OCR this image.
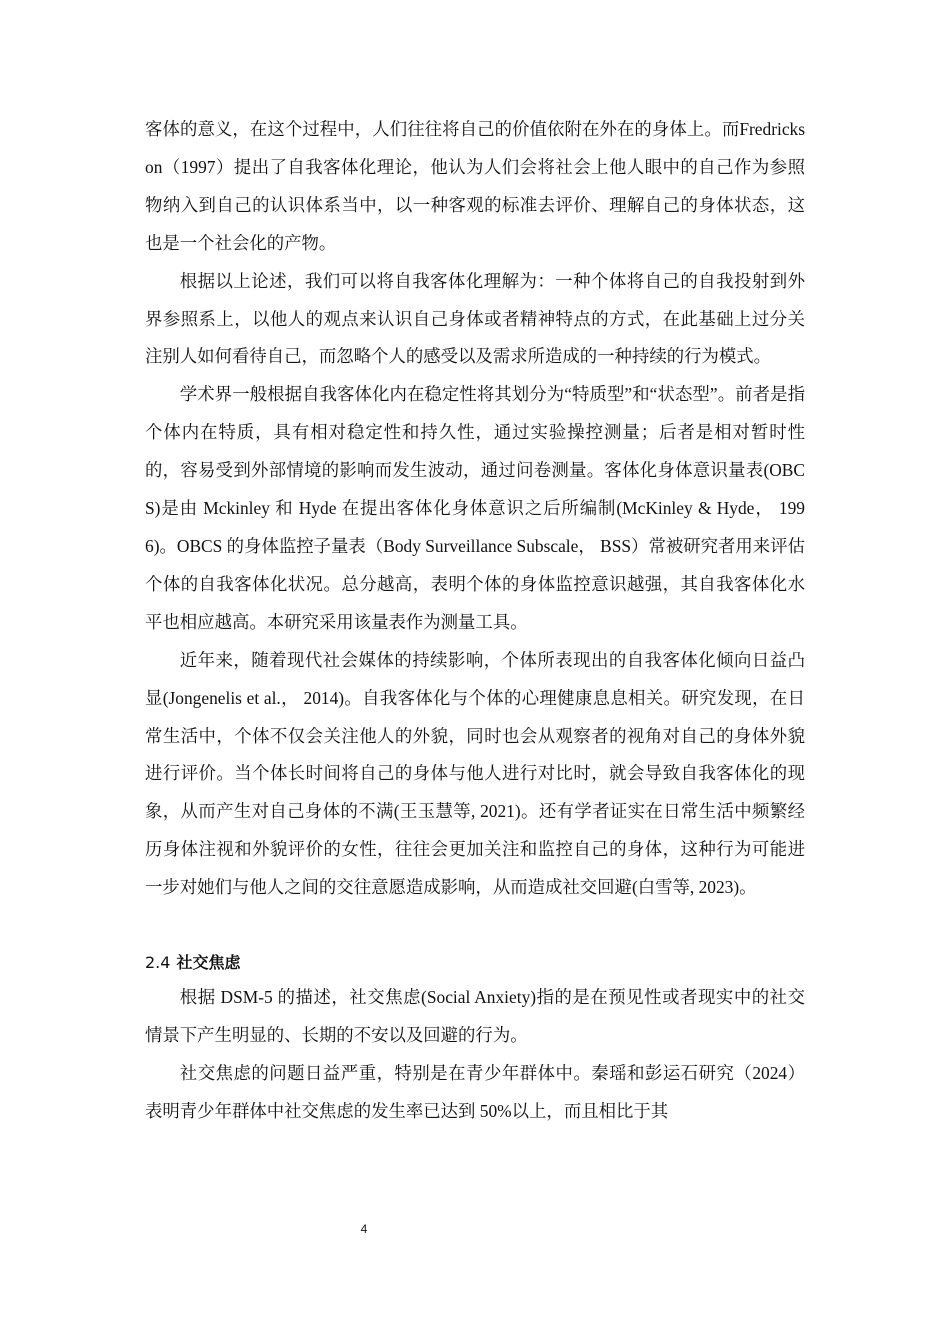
客体的意义，在这个过程中，人们往往将自己的价值依附在外在的身体上。而Fredrickson（1997）提出了自我客体化理论，他认为人们会将社会上他人眼中的自己作为参照物纳入到自己的认识体系当中，以一种客观的标准去评价、理解自己的身体状态，这也是一个社会化的产物。

根据以上论述，我们可以将自我客体化理解为：一种个体将自己的自我投射到外界参照系上，以他人的观点来认识自己身体或者精神特点的方式，在此基础上过分关注别人如何看待自己，而忽略个人的感受以及需求所造成的一种持续的行为模式。

学术界一般根据自我客体化内在稳定性将其划分为“特质型”和“状态型”。前者是指个体内在特质，具有相对稳定性和持久性，通过实验操控测量；后者是相对暂时性的，容易受到外部情境的影响而发生波动，通过问卷测量。客体化身体意识量表(OBCS)是由 Mckinley 和 Hyde 在提出客体化身体意识之后所编制(McKinley & Hyde， 1996)。OBCS 的身体监控子量表（Body Surveillance Subscale， BSS）常被研究者用来评估个体的自我客体化状况。总分越高，表明个体的身体监控意识越强，其自我客体化水平也相应越高。本研究采用该量表作为测量工具。

近年来，随着现代社会媒体的持续影响，个体所表现出的自我客体化倾向日益凸显(Jongenelis et al.， 2014)。自我客体化与个体的心理健康息息相关。研究发现，在日常生活中，个体不仅会关注他人的外貌，同时也会从观察者的视角对自己的身体外貌进行评价。当个体长时间将自己的身体与他人进行对比时，就会导致自我客体化的现象，从而产生对自己身体的不满(王玉慧等, 2021)。还有学者证实在日常生活中频繁经历身体注视和外貌评价的女性，往往会更加关注和监控自己的身体，这种行为可能进一步对她们与他人之间的交往意愿造成影响，从而造成社交回避(白雪等, 2023)。

2.4 社交焦虑

根据 DSM-5 的描述，社交焦虑(Social Anxiety)指的是在预见性或者现实中的社交情景下产生明显的、长期的不安以及回避的行为。

社交焦虑的问题日益严重，特别是在青少年群体中。秦瑶和彭运石研究（2024）表明青少年群体中社交焦虑的发生率已达到 50%以上，而且相比于其

4
